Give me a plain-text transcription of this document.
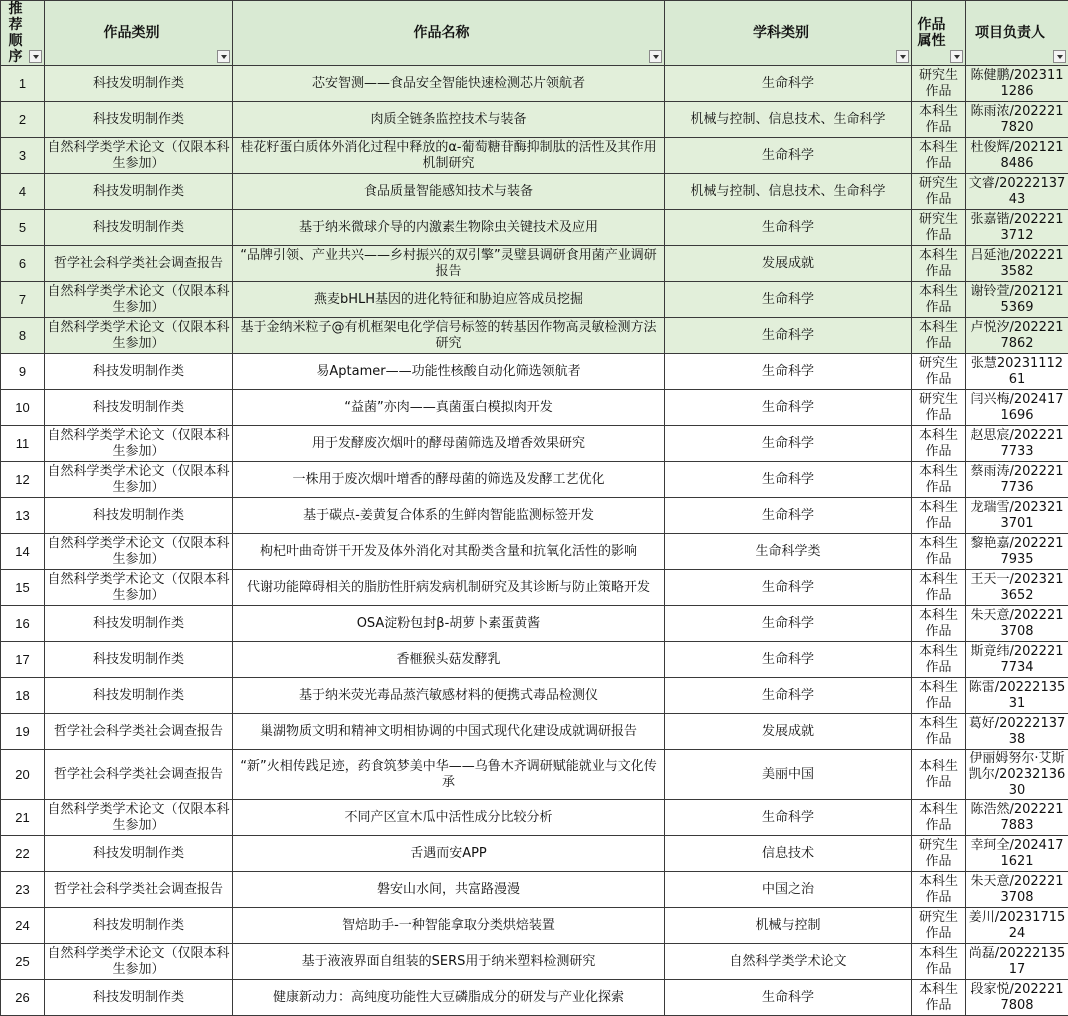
推荐顺序	作品类别	作品名称	学科类别	作品属性	项目负责人

1	科技发明制作类	芯安智测——食品安全智能快速检测芯片领航者	生命科学	研究生作品	陈健鹏/2023111286
2	科技发明制作类	肉质全链条监控技术与装备	机械与控制、信息技术、生命科学	本科生作品	陈雨浓/2022217820
3	自然科学类学术论文（仅限本科生参加）	桂花籽蛋白质体外消化过程中释放的α-葡萄糖苷酶抑制肽的活性及其作用机制研究	生命科学	本科生作品	杜俊辉/2021218486
4	科技发明制作类	食品质量智能感知技术与装备	机械与控制、信息技术、生命科学	研究生作品	文睿/2022213743
5	科技发明制作类	基于纳米微球介导的内激素生物除虫关键技术及应用	生命科学	研究生作品	张嘉锴/2022213712
6	哲学社会科学类社会调查报告	“品牌引领、产业共兴——乡村振兴的双引擎”灵璧县调研食用菌产业调研报告	发展成就	本科生作品	吕延池/2022213582
7	自然科学类学术论文（仅限本科生参加）	燕麦bHLH基因的进化特征和胁迫应答成员挖掘	生命科学	本科生作品	谢铃萱/2021215369
8	自然科学类学术论文（仅限本科生参加）	基于金纳米粒子@有机框架电化学信号标签的转基因作物高灵敏检测方法研究	生命科学	本科生作品	卢悦汐/2022217862
9	科技发明制作类	易Aptamer——功能性核酸自动化筛选领航者	生命科学	研究生作品	张慧2023111261
10	科技发明制作类	“益菌”亦肉——真菌蛋白模拟肉开发	生命科学	研究生作品	闫兴梅/2024171696
11	自然科学类学术论文（仅限本科生参加）	用于发酵废次烟叶的酵母菌筛选及增香效果研究	生命科学	本科生作品	赵思宸/2022217733
12	自然科学类学术论文（仅限本科生参加）	一株用于废次烟叶增香的酵母菌的筛选及发酵工艺优化	生命科学	本科生作品	蔡雨涛/2022217736
13	科技发明制作类	基于碳点-姜黄复合体系的生鲜肉智能监测标签开发	生命科学	本科生作品	龙瑞雪/2023213701
14	自然科学类学术论文（仅限本科生参加）	枸杞叶曲奇饼干开发及体外消化对其酚类含量和抗氧化活性的影响	生命科学类	本科生作品	黎艳嘉/2022217935
15	自然科学类学术论文（仅限本科生参加）	代谢功能障碍相关的脂肪性肝病发病机制研究及其诊断与防止策略开发	生命科学	本科生作品	王天一/2023213652
16	科技发明制作类	OSA淀粉包封β-胡萝卜素蛋黄酱	生命科学	本科生作品	朱天意/2022213708
17	科技发明制作类	香榧猴头菇发酵乳	生命科学	本科生作品	斯竟纬/2022217734
18	科技发明制作类	基于纳米荧光毒品蒸汽敏感材料的便携式毒品检测仪	生命科学	本科生作品	陈雷/2022213531
19	哲学社会科学类社会调查报告	巢湖物质文明和精神文明相协调的中国式现代化建设成就调研报告	发展成就	本科生作品	葛好/2022213738
20	哲学社会科学类社会调查报告	“新”火相传践足迹，药食筑梦美中华——乌鲁木齐调研赋能就业与文化传承	美丽中国	本科生作品	伊丽姆努尔·艾斯凯尔/2023213630
21	自然科学类学术论文（仅限本科生参加）	不同产区宣木瓜中活性成分比较分析	生命科学	本科生作品	陈浩然/2022217883
22	科技发明制作类	舌遇而安APP	信息技术	研究生作品	幸珂全/2024171621
23	哲学社会科学类社会调查报告	磐安山水间，共富路漫漫	中国之治	本科生作品	朱天意/2022213708
24	科技发明制作类	智焙助手-一种智能拿取分类烘焙装置	机械与控制	研究生作品	姜川/2023171524
25	自然科学类学术论文（仅限本科生参加）	基于液液界面自组装的SERS用于纳米塑料检测研究	自然科学类学术论文	本科生作品	尚磊/2022213517
26	科技发明制作类	健康新动力：高纯度功能性大豆磷脂成分的研发与产业化探索	生命科学	本科生作品	段家悦/2022217808
